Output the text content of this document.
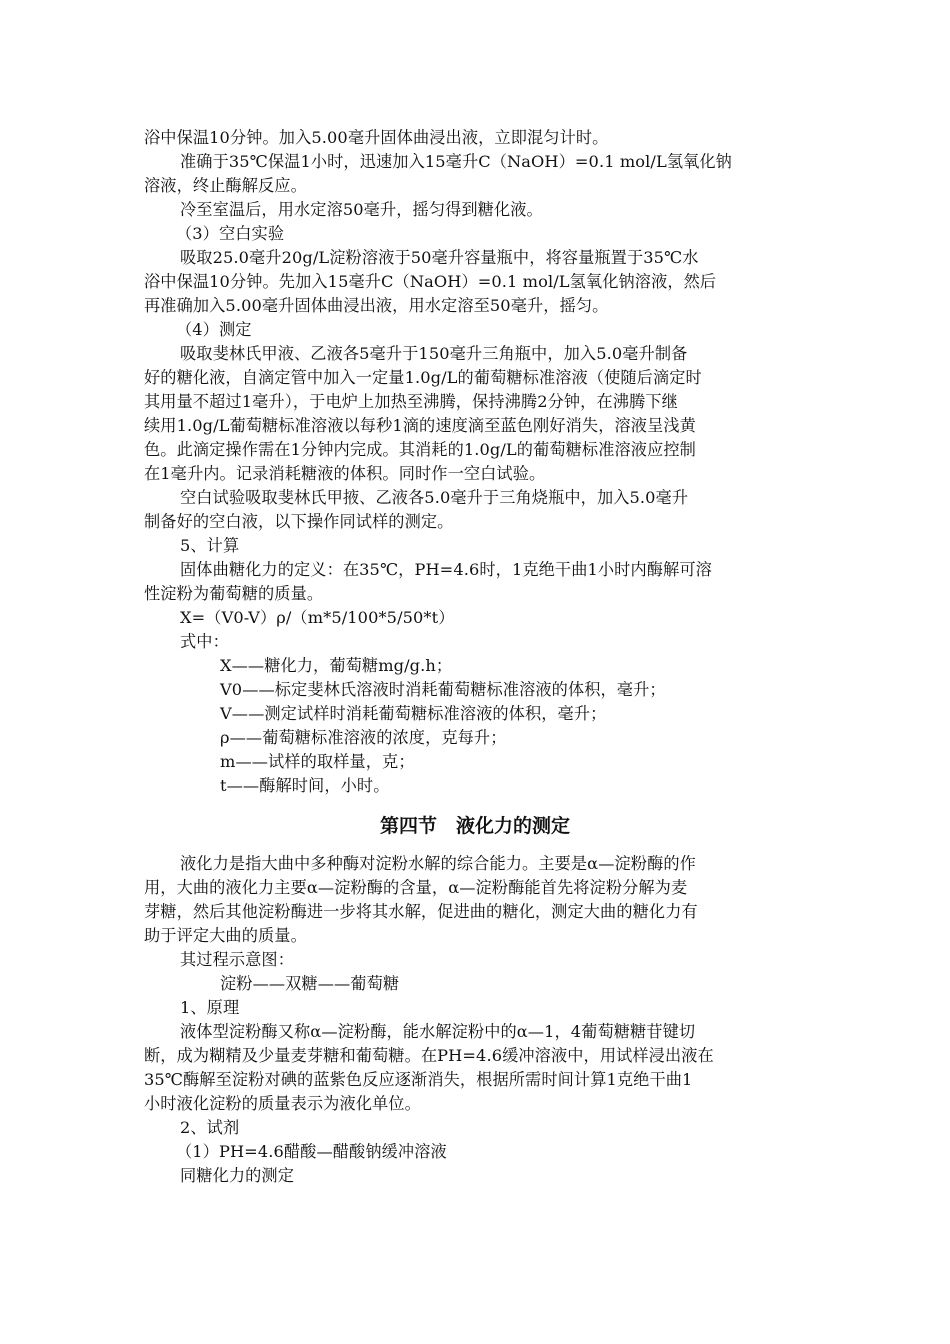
浴中保温10分钟。加入5.00毫升固体曲浸出液，立即混匀计时。
准确于35℃保温1小时，迅速加入15毫升C（NaOH）=0.1 mol/L氢氧化钠
溶液，终止酶解反应。
冷至室温后，用水定溶50毫升，摇匀得到糖化液。
（3）空白实验
吸取25.0毫升20g/L淀粉溶液于50毫升容量瓶中，将容量瓶置于35℃水
浴中保温10分钟。先加入15毫升C（NaOH）=0.1 mol/L氢氧化钠溶液，然后
再准确加入5.00毫升固体曲浸出液，用水定溶至50毫升，摇匀。
（4）测定
吸取斐林氏甲液、乙液各5毫升于150毫升三角瓶中，加入5.0毫升制备
好的糖化液，自滴定管中加入一定量1.0g/L的葡萄糖标准溶液（使随后滴定时
其用量不超过1毫升），于电炉上加热至沸腾，保持沸腾2分钟，在沸腾下继
续用1.0g/L葡萄糖标准溶液以每秒1滴的速度滴至蓝色刚好消失，溶液呈浅黄
色。此滴定操作需在1分钟内完成。其消耗的1.0g/L的葡萄糖标准溶液应控制
在1毫升内。记录消耗糖液的体积。同时作一空白试验。
空白试验吸取斐林氏甲掖、乙液各5.0毫升于三角烧瓶中，加入5.0毫升
制备好的空白液，以下操作同试样的测定。
5、计算
固体曲糖化力的定义：在35℃，PH=4.6时，1克绝干曲1小时内酶解可溶
性淀粉为葡萄糖的质量。
X=（V0-V）ρ/（m*5/100*5/50*t）
式中：
X——糖化力，葡萄糖mg/g.h；
V0——标定斐林氏溶液时消耗葡萄糖标准溶液的体积，毫升；
V——测定试样时消耗葡萄糖标准溶液的体积，毫升；
ρ——葡萄糖标准溶液的浓度，克每升；
m——试样的取样量，克；
t——酶解时间，小时。
第四节　液化力的测定
液化力是指大曲中多种酶对淀粉水解的综合能力。主要是α—淀粉酶的作
用，大曲的液化力主要α—淀粉酶的含量，α—淀粉酶能首先将淀粉分解为麦
芽糖，然后其他淀粉酶进一步将其水解，促进曲的糖化，测定大曲的糖化力有
助于评定大曲的质量。
其过程示意图：
淀粉——双糖——葡萄糖
1、原理
液体型淀粉酶又称α—淀粉酶，能水解淀粉中的α—1，4葡萄糖糖苷键切
断，成为糊精及少量麦芽糖和葡萄糖。在PH=4.6缓冲溶液中，用试样浸出液在
35℃酶解至淀粉对碘的蓝紫色反应逐渐消失，根据所需时间计算1克绝干曲1
小时液化淀粉的质量表示为液化单位。
2、试剂
（1）PH=4.6醋酸—醋酸钠缓冲溶液
同糖化力的测定
